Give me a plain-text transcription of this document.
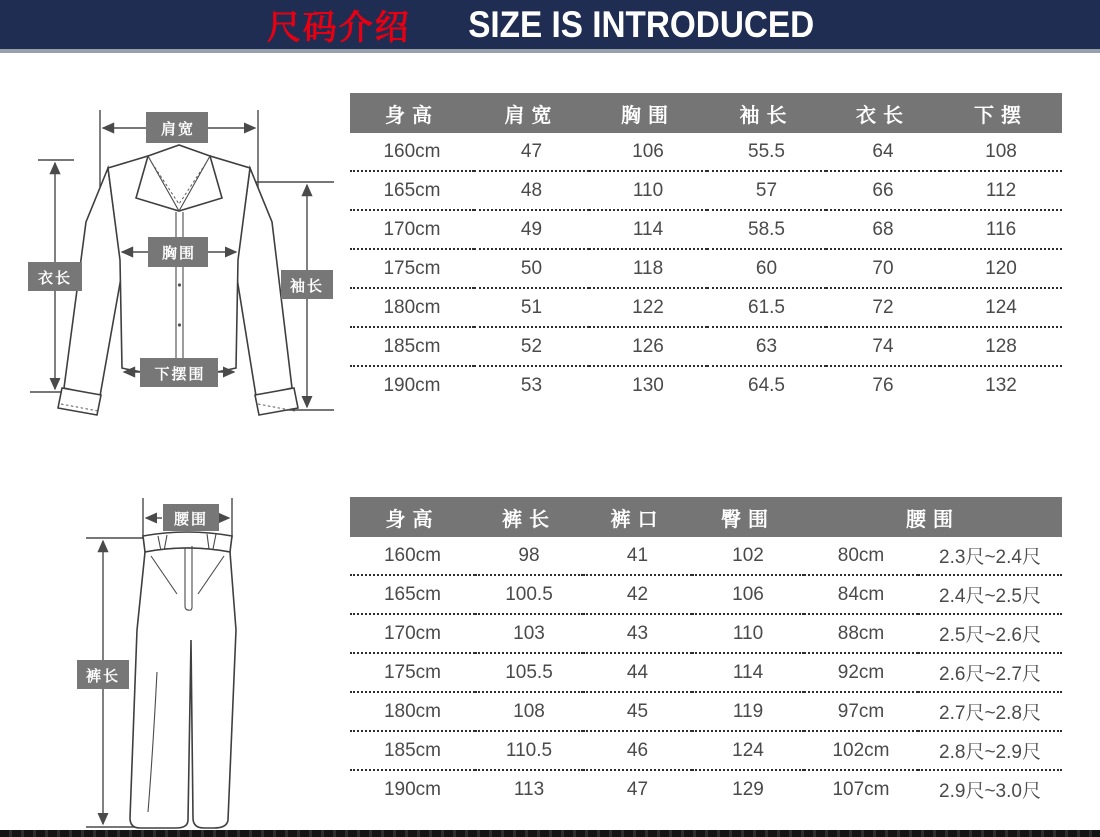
尺码介绍 SIZE IS INTRODUCED
肩宽
胸围
下摆围
衣长	袖长
腰围
裤长
身高	肩宽	胸围	袖长	衣长	下摆
160cm	47	106	55.5	64	108
165cm	48	110	57	66	112
170cm	49	114	58.5	68	116
175cm	50	118	60	70	120
180cm	51	122	61.5	72	124
185cm	52	126	63	74	128
190cm	53	130	64.5	76	132
身高	裤长	裤口	臀围	腰围	
160cm	98	41	102	80cm	2.3尺~2.4尺
165cm	100.5	42	106	84cm	2.4尺~2.5尺
170cm	103	43	110	88cm	2.5尺~2.6尺
175cm	105.5	44	114	92cm	2.6尺~2.7尺
180cm	108	45	119	97cm	2.7尺~2.8尺
185cm	110.5	46	124	102cm	2.8尺~2.9尺
190cm	113	47	129	107cm	2.9尺~3.0尺
